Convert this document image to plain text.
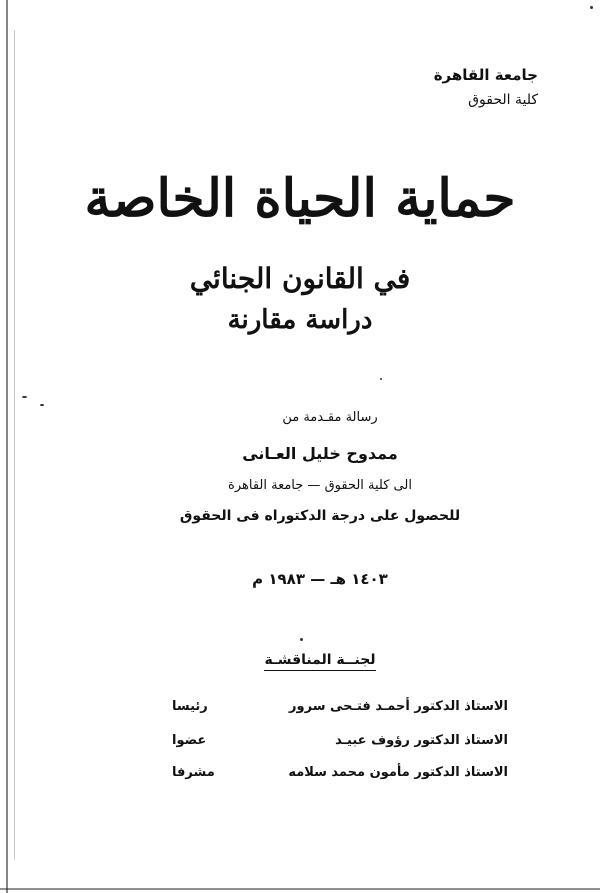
جامعة القاهرة
كلية الحقوق
حماية الحياة الخاصة
في القانون الجنائي
دراسة مقارنة
رسالة مقـدمة من
ممدوح خليل العـانى
الى كلية الحقوق — جامعة القاهرة
للحصول على درجة الدكتوراه فى الحقوق
١٤٠٣ هـ — ١٩٨٣ م
لجنــة المناقشـة
الاستاذ الدكتور أحمـد فتـحى سرور
رئيسا
الاستاذ الدكتور رؤوف عبيـد
عضوا
الاستاذ الدكتور مأمون محمد سلامه
مشرفا
